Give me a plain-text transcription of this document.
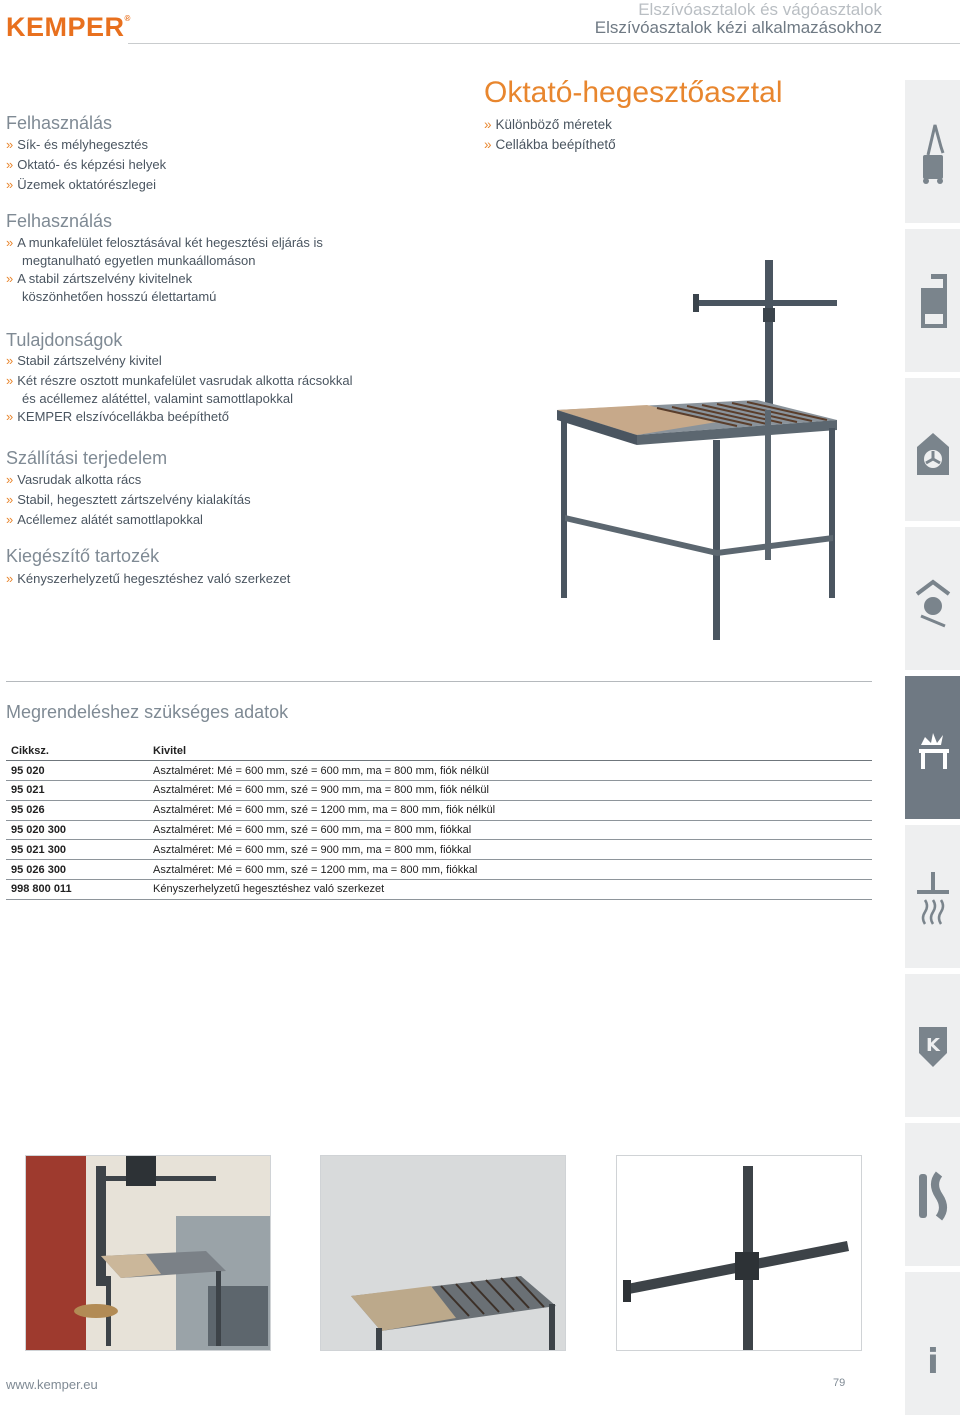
KEMPER®	Elszívóasztalok és vágóasztalok
Elszívóasztalok kézi alkalmazásokhoz
Oktató-hegesztőasztal
» Különböző méretek
» Cellákba beépíthető
Felhasználás
» Sík- és mélyhegesztés
» Oktató- és képzési helyek
» Üzemek oktatórészlegei
Felhasználás
» A munkafelület felosztásával két hegesztési eljárás is
megtanulható egyetlen munkaállomáson
» A stabil zártszelvény kivitelnek
köszönhetően hosszú élettartamú
Tulajdonságok
» Stabil zártszelvény kivitel
» Két részre osztott munkafelület vasrudak alkotta rácsokkal
és acéllemez alátéttel, valamint samottlapokkal
» KEMPER elszívócellákba beépíthető
Szállítási terjedelem
» Vasrudak alkotta rács
» Stabil, hegesztett zártszelvény kialakítás
» Acéllemez alátét samottlapokkal
Kiegészítő tartozék
» Kényszerhelyzetű hegesztéshez való szerkezet
Megrendeléshez szükséges adatok
Cikksz.	Kivitel
95 020	Asztalméret: Mé = 600 mm, szé = 600 mm, ma = 800 mm, fiók nélkül
95 021	Asztalméret: Mé = 600 mm, szé = 900 mm, ma = 800 mm, fiók nélkül
95 026	Asztalméret: Mé = 600 mm, szé = 1200 mm, ma = 800 mm, fiók nélkül
95 020 300	Asztalméret: Mé = 600 mm, szé = 600 mm, ma = 800 mm, fiókkal
95 021 300	Asztalméret: Mé = 600 mm, szé = 900 mm, ma = 800 mm, fiókkal
95 026 300	Asztalméret: Mé = 600 mm, szé = 1200 mm, ma = 800 mm, fiókkal
998 800 011	Kényszerhelyzetű hegesztéshez való szerkezet
www.kemper.eu	79
K
i
